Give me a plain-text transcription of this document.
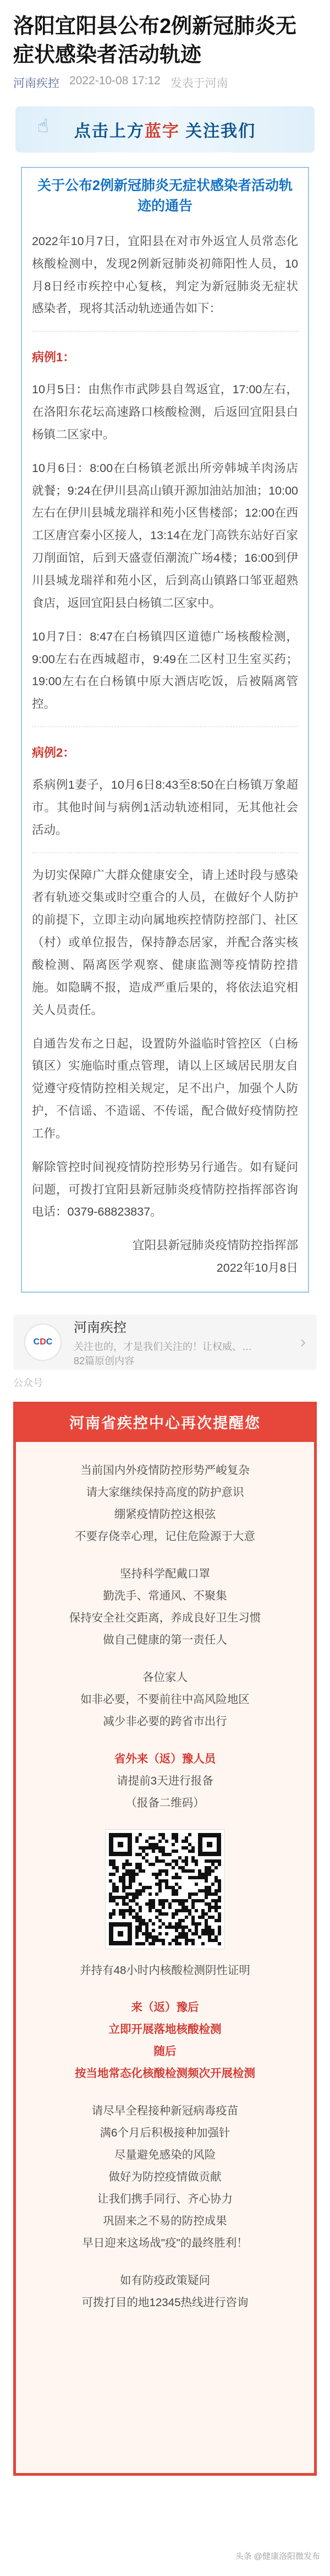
洛阳宜阳县公布2例新冠肺炎无症状感染者活动轨迹
河南疾控 2022-10-08 17:12 发表于河南
☝ 点击上方蓝字 关注我们
关于公布2例新冠肺炎无症状感染者活动轨迹的通告

2022年10月7日，宜阳县在对市外返宜人员常态化核酸检测中，发现2例新冠肺炎初筛阳性人员，10月8日经市疾控中心复核，判定为新冠肺炎无症状感染者，现将其活动轨迹通告如下：

病例1：

10月5日：由焦作市武陟县自驾返宜，17:00左右，在洛阳东花坛高速路口核酸检测，后返回宜阳县白杨镇二区家中。

10月6日：8:00在白杨镇老派出所旁韩城羊肉汤店就餐；9:24在伊川县高山镇开源加油站加油；10:00左右在伊川县城龙瑞祥和苑小区售楼部；12:00在西工区唐宫秦小区接人，13:14在龙门高铁东站好百家刀削面馆，后到天盛壹佰潮流广场4楼；16:00到伊川县城龙瑞祥和苑小区，后到高山镇路口邹亚超熟食店，返回宜阳县白杨镇二区家中。

10月7日：8:47在白杨镇四区道德广场核酸检测，9:00左右在西城超市，9:49在二区村卫生室买药；19:00左右在白杨镇中原大酒店吃饭，后被隔离管控。

病例2：

系病例1妻子，10月6日8:43至8:50在白杨镇万象超市。其他时间与病例1活动轨迹相同，无其他社会活动。

为切实保障广大群众健康安全，请上述时段与感染者有轨迹交集或时空重合的人员，在做好个人防护的前提下，立即主动向属地疾控情防控部门、社区（村）或单位报告，保持静态居家，并配合落实核酸检测、隔离医学观察、健康监测等疫情防控措施。如隐瞒不报，造成严重后果的，将依法追究相关人员责任。

自通告发布之日起，设置防外溢临时管控区（白杨镇区）实施临时重点管理，请以上区域居民朋友自觉遵守疫情防控相关规定，足不出户，加强个人防护，不信谣、不造谣、不传谣，配合做好疫情防控工作。

解除管控时间视疫情防控形势另行通告。如有疑问问题，可拨打宜阳县新冠肺炎疫情防控指挥部咨询电话：0379-68823837。

宜阳县新冠肺炎疫情防控指挥部
2022年10月8日
C D C
河南疾控
关注也的，才是我们关注的！让权威、…
82篇原创内容
›
公众号
河南省疾控中心再次提醒您
当前国内外疫情防控形势严峻复杂
请大家继续保持高度的防护意识
绷紧疫情防控这根弦
不要存侥幸心理，记住危险源于大意
坚持科学配戴口罩
勤洗手、常通风、不聚集
保持安全社交距离，养成良好卫生习惯
做自己健康的第一责任人
各位家人
如非必要，不要前往中高风险地区
减少非必要的跨省市出行
省外来（返）豫人员
请提前3天进行报备
（报备二维码）
并持有48小时内核酸检测阴性证明
来（返）豫后
立即开展落地核酸检测
随后
按当地常态化核酸检测频次开展检测
请尽早全程接种新冠病毒疫苗
满6个月后积极接种加强针
尽量避免感染的风险
做好为防控疫情做贡献
让我们携手同行、齐心协力
巩固来之不易的防控成果
早日迎来这场战"疫"的最终胜利！
如有防疫政策疑问
可拨打目的地12345热线进行咨询
头条 @健康洛阳微发布
